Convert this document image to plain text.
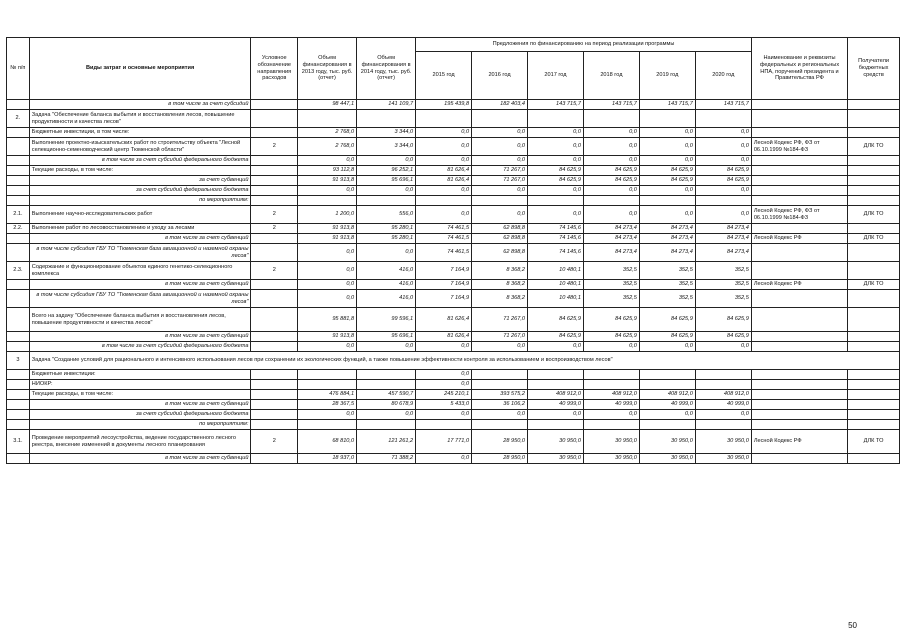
№ п/п	Виды затрат и основные мероприятия	Условное обозначение направления расходов	Объем финансирования в 2013 году, тыс. руб. (отчет)	Объем финансирования в 2014 году, тыс. руб. (отчет)	Предложения по финансированию на период реализации программы						Наименование и реквизиты федеральных и региональных НПА, поручений президента и Правительства РФ	Получатели бюджетных средств
					2015 год	2016 год	2017 год	2018 год	2019 год	2020 год		
	в том числе за счет субсидий		98 447,1	141 109,7	195 439,8	182 403,4	143 715,7	143 715,7	143 715,7	143 715,7		
2.	Задача "Обеспечение баланса выбытия и восстановления лесов, повышение продуктивности и качества лесов"											
	Бюджетные инвестиции, в том числе:		2 768,0	3 344,0	0,0	0,0	0,0	0,0	0,0	0,0		
	Выполнение проектно-изыскательских работ по строительству объекта "Лесной селекционно-семеноводческий центр Тюменской области"	2	2 768,0	3 344,0	0,0	0,0	0,0	0,0	0,0	0,0	Лесной Кодекс РФ, ФЗ от 06.10.1999 №184-ФЗ	ДЛК ТО
	в том числе за счет субсидий федерального бюджета		0,0	0,0	0,0	0,0	0,0	0,0	0,0	0,0		
	Текущие расходы, в том числе:		93 112,8	96 252,1	81 626,4	71 267,0	84 625,9	84 625,9	84 625,9	84 625,9		
	за счет субвенций		91 913,8	95 696,1	81 626,4	71 267,0	84 625,9	84 625,9	84 625,9	84 625,9		
	за счет субсидий федерального бюджета		0,0	0,0	0,0	0,0	0,0	0,0	0,0	0,0		
	по мероприятиям:											
2.1.	Выполнение научно-исследовательских работ	2	1 200,0	556,0	0,0	0,0	0,0	0,0	0,0	0,0	Лесной Кодекс РФ, ФЗ от 06.10.1999 №184-ФЗ	ДЛК ТО
2.2.	Выполнение работ по лесовосстановлению и уходу за лесами	2	91 913,8	95 280,1	74 461,5	62 898,8	74 145,6	84 273,4	84 273,4	84 273,4		
	в том числе за счет субвенций		91 913,8	95 280,1	74 461,5	62 898,8	74 145,6	84 273,4	84 273,4	84 273,4	Лесной Кодекс РФ	ДЛК ТО
	в том числе субсидия ГБУ ТО "Тюменская база авиационной и наземной охраны лесов"		0,0	0,0	74 461,5	62 898,8	74 145,6	84 273,4	84 273,4	84 273,4		
2.3.	Содержание и функционирование объектов единого генетико-селекционного комплекса	2	0,0	416,0	7 164,9	8 368,2	10 480,1	352,5	352,5	352,5		
	в том числе за счет субвенций		0,0	416,0	7 164,9	8 368,2	10 480,1	352,5	352,5	352,5	Лесной Кодекс РФ	ДЛК ТО
	в том числе субсидия ГБУ ТО "Тюменская база авиационной и наземной охраны лесов"		0,0	416,0	7 164,9	8 368,2	10 480,1	352,5	352,5	352,5		
	Всего на задачу "Обеспечение баланса выбытия и восстановления лесов, повышение продуктивности и качества лесов"		95 881,8	99 596,1	81 626,4	71 267,0	84 625,9	84 625,9	84 625,9	84 625,9		
	в том числе за счет субвенций		91 913,8	95 696,1	81 626,4	71 267,0	84 625,9	84 625,9	84 625,9	84 625,9		
	в том числе за счет субсидий федерального бюджета		0,0	0,0	0,0	0,0	0,0	0,0	0,0	0,0		
3	Задача "Создание условий для рационального и интенсивного использования лесов при сохранении их экологических функций, а также повышение эффективности контроля за использованием и воспроизводством лесов"											
	Бюджетные инвестиции:				0,0							
	НИОКР:				0,0							
	Текущие расходы, в том числе:		476 884,1	457 590,7	245 210,1	393 575,2	408 912,0	408 912,0	408 912,0	408 912,0		
	в том числе за счет субвенций		28 367,5	80 678,9	5 433,0	36 106,2	40 999,0	40 999,0	40 999,0	40 999,0		
	за счет субсидий федерального бюджета		0,0	0,0	0,0	0,0	0,0	0,0	0,0	0,0		
	по мероприятиям:											
3.1.	Проведение мероприятий лесоустройства, ведение государственного лесного реестра, внесение изменений в документы лесного планирования	2	68 810,0	121 261,2	17 771,0	28 950,0	30 950,0	30 950,0	30 950,0	30 950,0	Лесной Кодекс РФ	ДЛК ТО
	в том числе за счет субвенций		18 937,0	71 388,2	0,0	28 950,0	30 950,0	30 950,0	30 950,0	30 950,0		
50
